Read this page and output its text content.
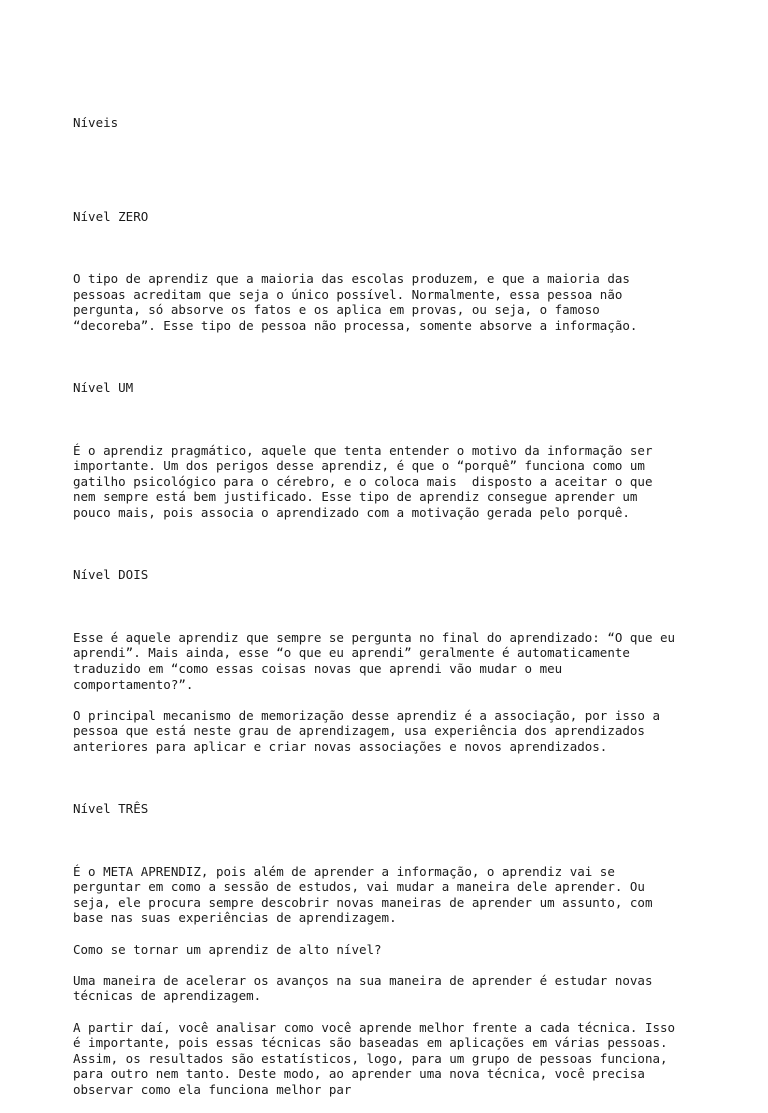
Níveis

Nível ZERO

O tipo de aprendiz que a maioria das escolas produzem, e que a maioria das
pessoas acreditam que seja o único possível. Normalmente, essa pessoa não
pergunta, só absorve os fatos e os aplica em provas, ou seja, o famoso
“decoreba”. Esse tipo de pessoa não processa, somente absorve a informação.

Nível UM

É o aprendiz pragmático, aquele que tenta entender o motivo da informação ser
importante. Um dos perigos desse aprendiz, é que o “porquê” funciona como um
gatilho psicológico para o cérebro, e o coloca mais  disposto a aceitar o que
nem sempre está bem justificado. Esse tipo de aprendiz consegue aprender um
pouco mais, pois associa o aprendizado com a motivação gerada pelo porquê.

Nível DOIS

Esse é aquele aprendiz que sempre se pergunta no final do aprendizado: “O que eu
aprendi”. Mais ainda, esse “o que eu aprendi” geralmente é automaticamente
traduzido em “como essas coisas novas que aprendi vão mudar o meu
comportamento?”.
O principal mecanismo de memorização desse aprendiz é a associação, por isso a
pessoa que está neste grau de aprendizagem, usa experiência dos aprendizados
anteriores para aplicar e criar novas associações e novos aprendizados.

Nível TRÊS

É o META APRENDIZ, pois além de aprender a informação, o aprendiz vai se
perguntar em como a sessão de estudos, vai mudar a maneira dele aprender. Ou
seja, ele procura sempre descobrir novas maneiras de aprender um assunto, com
base nas suas experiências de aprendizagem.
Como se tornar um aprendiz de alto nível?
Uma maneira de acelerar os avanços na sua maneira de aprender é estudar novas
técnicas de aprendizagem.
A partir daí, você analisar como você aprende melhor frente a cada técnica. Isso
é importante, pois essas técnicas são baseadas em aplicações em várias pessoas.
Assim, os resultados são estatísticos, logo, para um grupo de pessoas funciona,
para outro nem tanto. Deste modo, ao aprender uma nova técnica, você precisa
observar como ela funciona melhor par
